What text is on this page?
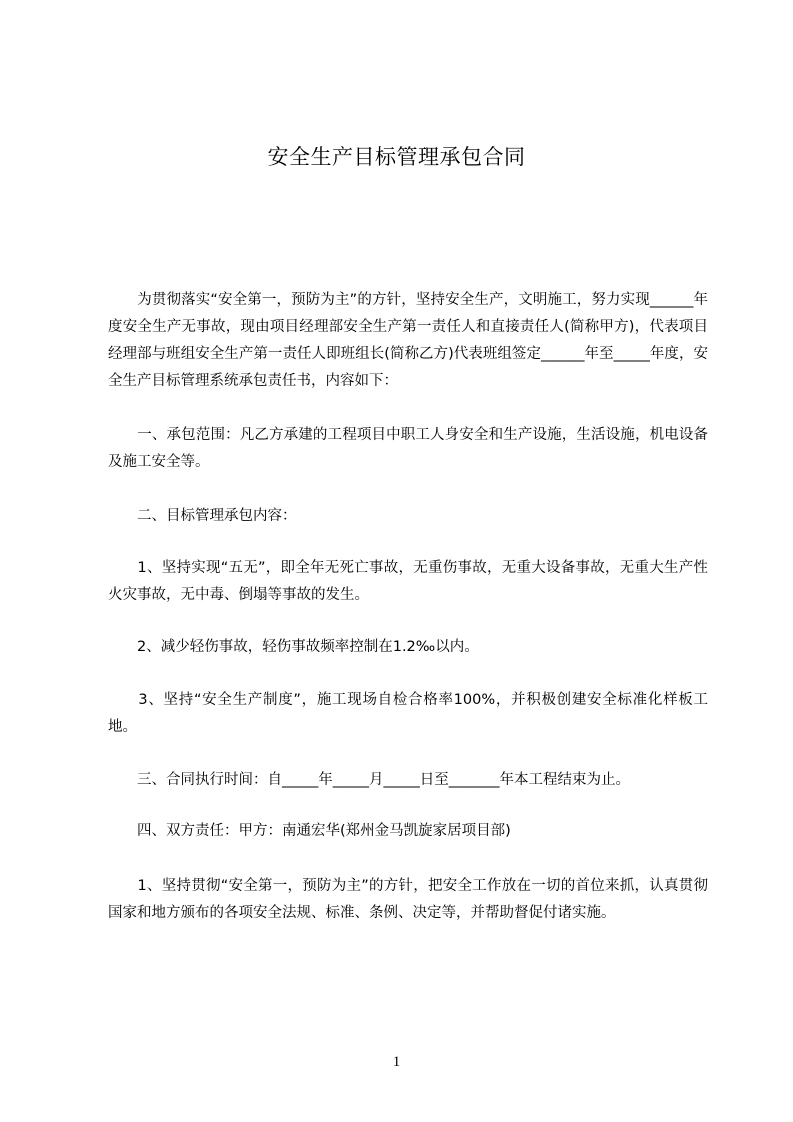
安全生产目标管理承包合同

　　为贯彻落实“安全第一，预防为主”的方针，坚持安全生产，文明施工，努力实现______年度安全生产无事故，现由项目经理部安全生产第一责任人和直接责任人(简称甲方)，代表项目经理部与班组安全生产第一责任人即班组长(简称乙方)代表班组签定______年至_____年度，安全生产目标管理系统承包责任书，内容如下：

　　一、承包范围：凡乙方承建的工程项目中职工人身安全和生产设施，生活设施，机电设备及施工安全等。

　　二、目标管理承包内容：

　　1、坚持实现“五无”，即全年无死亡事故，无重伤事故，无重大设备事故，无重大生产性火灾事故，无中毒、倒塌等事故的发生。

　　2、减少轻伤事故，轻伤事故频率控制在1.2‰以内。

　　3、坚持“安全生产制度”，施工现场自检合格率100%，并积极创建安全标准化样板工地。

　　三、合同执行时间：自_____年_____月_____日至_______年本工程结束为止。

　　四、双方责任：甲方：南通宏华(郑州金马凯旋家居项目部)

　　1、坚持贯彻“安全第一，预防为主”的方针，把安全工作放在一切的首位来抓，认真贯彻国家和地方颁布的各项安全法规、标准、条例、决定等，并帮助督促付诸实施。

1
